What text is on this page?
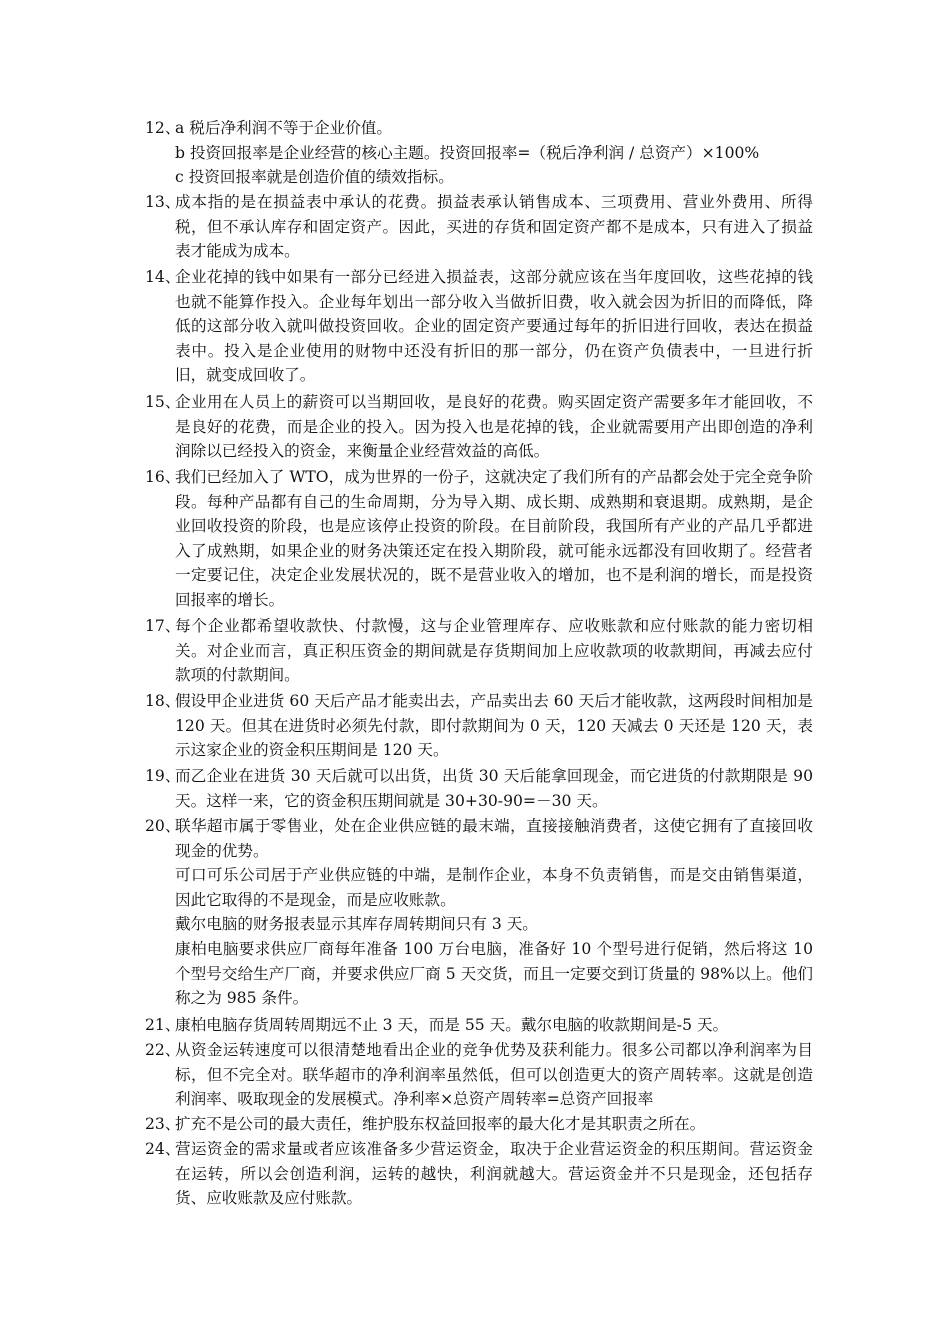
12、
a 税后净利润不等于企业价值。
b 投资回报率是企业经营的核心主题。投资回报率=（税后净利润 / 总资产）×100%
c 投资回报率就是创造价值的绩效指标。
13、
成本指的是在损益表中承认的花费。损益表承认销售成本、三项费用、营业外费用、所得税，但不承认库存和固定资产。因此，买进的存货和固定资产都不是成本，只有进入了损益表才能成为成本。
14、
企业花掉的钱中如果有一部分已经进入损益表，这部分就应该在当年度回收，这些花掉的钱也就不能算作投入。企业每年划出一部分收入当做折旧费，收入就会因为折旧的而降低，降低的这部分收入就叫做投资回收。企业的固定资产要通过每年的折旧进行回收，表达在损益表中。投入是企业使用的财物中还没有折旧的那一部分，仍在资产负债表中，一旦进行折旧，就变成回收了。
15、
企业用在人员上的薪资可以当期回收，是良好的花费。购买固定资产需要多年才能回收，不是良好的花费，而是企业的投入。因为投入也是花掉的钱，企业就需要用产出即创造的净利润除以已经投入的资金，来衡量企业经营效益的高低。
16、
我们已经加入了 WTO，成为世界的一份子，这就决定了我们所有的产品都会处于完全竞争阶段。每种产品都有自己的生命周期，分为导入期、成长期、成熟期和衰退期。成熟期，是企业回收投资的阶段，也是应该停止投资的阶段。在目前阶段，我国所有产业的产品几乎都进入了成熟期，如果企业的财务决策还定在投入期阶段，就可能永远都没有回收期了。经营者一定要记住，决定企业发展状况的，既不是营业收入的增加，也不是利润的增长，而是投资回报率的增长。
17、
每个企业都希望收款快、付款慢，这与企业管理库存、应收账款和应付账款的能力密切相关。对企业而言，真正积压资金的期间就是存货期间加上应收款项的收款期间，再减去应付款项的付款期间。
18、
假设甲企业进货 60 天后产品才能卖出去，产品卖出去 60 天后才能收款，这两段时间相加是 120 天。但其在进货时必须先付款，即付款期间为 0 天，120 天减去 0 天还是 120 天，表示这家企业的资金积压期间是 120 天。
19、
而乙企业在进货 30 天后就可以出货，出货 30 天后能拿回现金，而它进货的付款期限是 90 天。这样一来，它的资金积压期间就是 30+30-90=－30 天。
20、
联华超市属于零售业，处在企业供应链的最末端，直接接触消费者，这使它拥有了直接回收现金的优势。
可口可乐公司居于产业供应链的中端，是制作企业，本身不负责销售，而是交由销售渠道，因此它取得的不是现金，而是应收账款。
戴尔电脑的财务报表显示其库存周转期间只有 3 天。
康柏电脑要求供应厂商每年准备 100 万台电脑，准备好 10 个型号进行促销，然后将这 10 个型号交给生产厂商，并要求供应厂商 5 天交货，而且一定要交到订货量的 98%以上。他们称之为 985 条件。
21、
康柏电脑存货周转周期远不止 3 天，而是 55 天。戴尔电脑的收款期间是-5 天。
22、
从资金运转速度可以很清楚地看出企业的竞争优势及获利能力。很多公司都以净利润率为目标，但不完全对。联华超市的净利润率虽然低，但可以创造更大的资产周转率。这就是创造利润率、吸取现金的发展模式。净利率×总资产周转率=总资产回报率
23、
扩充不是公司的最大责任，维护股东权益回报率的最大化才是其职责之所在。
24、
营运资金的需求量或者应该准备多少营运资金，取决于企业营运资金的积压期间。营运资金在运转，所以会创造利润，运转的越快，利润就越大。营运资金并不只是现金，还包括存货、应收账款及应付账款。
